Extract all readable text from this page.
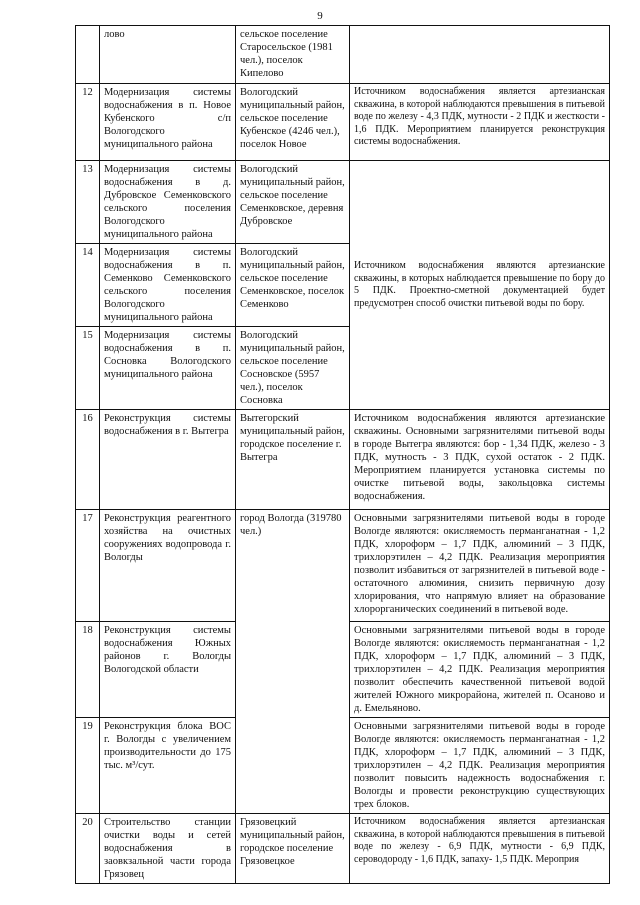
9
	лово	сельское поселение Старосельское (1981 чел.), поселок Кипелово	
12	Модернизация системы водоснабжения в п. Новое Кубенского с/п Вологодского муниципального района	Вологодский муниципальный район, сельское поселение Кубенское (4246 чел.), поселок Новое	Источником водоснабжения является артезианская скважина, в которой наблюдаются превышения в питьевой воде по железу - 4,3 ПДК, мутности - 2 ПДК и жесткости - 1,6 ПДК. Мероприятием планируется реконструкция системы водоснабжения.
13	Модернизация системы водоснабжения в д. Дубровское Семенковского сельского поселения Вологодского муниципального района	Вологодский муниципальный район, сельское поселение Семенковское, деревня Дубровское	Источником водоснабжения являются артезианские скважины, в которых наблюдается превышение по бору до 5 ПДК. Проектно-сметной документацией будет предусмотрен способ очистки питьевой воды по бору.
14	Модернизация системы водоснабжения в п. Семенково Семенковского сельского поселения Вологодского муниципального района	Вологодский муниципальный район, сельское поселение Семенковское, поселок Семенково	
15	Модернизация системы водоснабжения в п. Сосновка Вологодского муниципального района	Вологодский муниципальный район, сельское поселение Сосновское (5957 чел.), поселок Сосновка	
16	Реконструкция системы водоснабжения в г. Вытегра	Вытегорский муниципальный район, городское поселение г. Вытегра	Источником водоснабжения являются артезианские скважины. Основными загрязнителями питьевой воды в городе Вытегра являются: бор - 1,34 ПДК, железо - 3 ПДК, мутность - 3 ПДК, сухой остаток - 2 ПДК. Мероприятием планируется установка системы по очистке питьевой воды, закольцовка системы водоснабжения.
17	Реконструкция реагентного хозяйства на очистных сооружениях водопровода г. Вологды	город Вологда (319780 чел.)	Основными загрязнителями питьевой воды в городе Вологде являются: окисляемость перманганатная - 1,2 ПДК, хлороформ – 1,7 ПДК, алюминий – 3 ПДК, трихлорэтилен – 4,2 ПДК. Реализация мероприятия позволит избавиться от загрязнителей в питьевой воде - остаточного алюминия, снизить первичную дозу хлорирования, что напрямую влияет на образование хлорорганических соединений в питьевой воде.
18	Реконструкция системы водоснабжения Южных районов г. Вологды Вологодской области		Основными загрязнителями питьевой воды в городе Вологде являются: окисляемость перманганатная - 1,2 ПДК, хлороформ – 1,7 ПДК, алюминий – 3 ПДК, трихлорэтилен – 4,2 ПДК. Реализация мероприятия позволит обеспечить качественной питьевой водой жителей Южного микрорайона, жителей п. Осаново и д. Емельяново.
19	Реконструкция блока ВОС г. Вологды с увеличением производительности до 175 тыс. м³/сут.		Основными загрязнителями питьевой воды в городе Вологде являются: окисляемость перманганатная - 1,2 ПДК, хлороформ – 1,7 ПДК, алюминий – 3 ПДК, трихлорэтилен – 4,2 ПДК. Реализация мероприятия позволит повысить надежность водоснабжения г. Вологды и провести реконструкцию существующих трех блоков.
20	Строительство станции очистки воды и сетей водоснабжения в заовкзальной части города Грязовец	Грязовецкий муниципальный район, городское поселение Грязовецкое	Источником водоснабжения является артезианская скважина, в которой наблюдаются превышения в питьевой воде по железу - 6,9 ПДК, мутности - 6,9 ПДК, сероводороду - 1,6 ПДК, запаху- 1,5 ПДК. Мероприя
